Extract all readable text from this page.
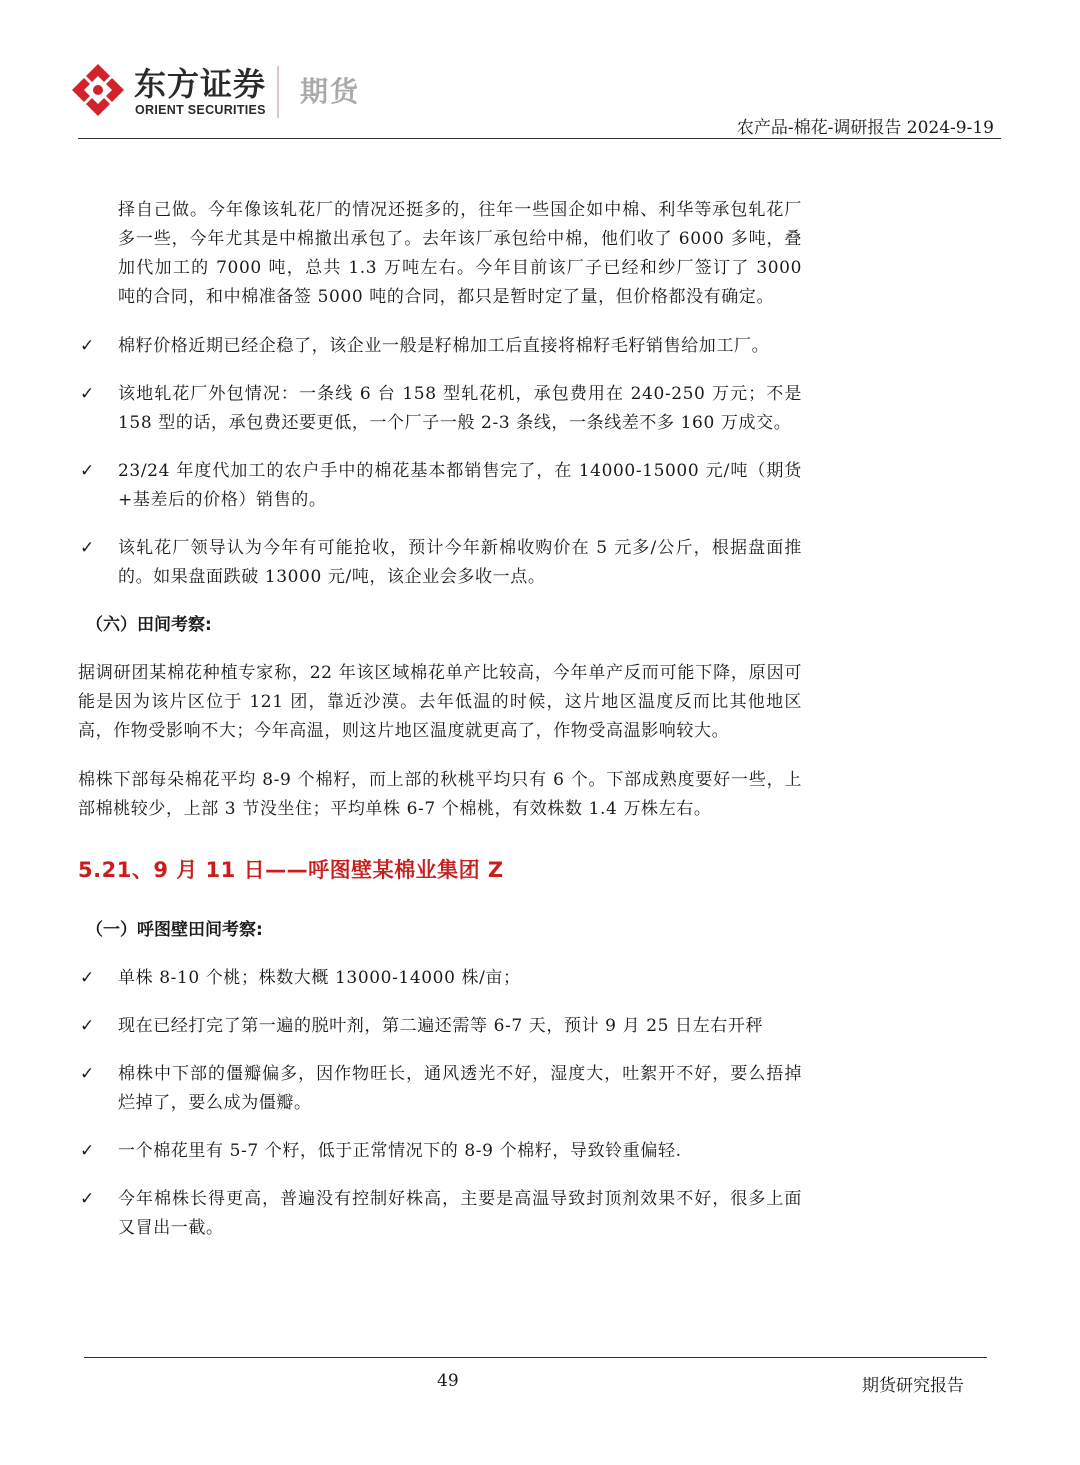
东方证券
ORIENT SECURITIES
期货
农产品-棉花-调研报告 2024-9-19

择自己做。今年像该轧花厂的情况还挺多的，往年一些国企如中棉、利华等承包轧花厂多一些，今年尤其是中棉撤出承包了。去年该厂承包给中棉，他们收了 6000 多吨，叠加代加工的 7000 吨，总共 1.3 万吨左右。今年目前该厂子已经和纱厂签订了 3000 吨的合同，和中棉准备签 5000 吨的合同，都只是暂时定了量，但价格都没有确定。

✓ 棉籽价格近期已经企稳了，该企业一般是籽棉加工后直接将棉籽毛籽销售给加工厂。
✓ 该地轧花厂外包情况：一条线 6 台 158 型轧花机，承包费用在 240-250 万元；不是 158 型的话，承包费还要更低，一个厂子一般 2-3 条线，一条线差不多 160 万成交。
✓ 23/24 年度代加工的农户手中的棉花基本都销售完了，在 14000-15000 元/吨（期货+基差后的价格）销售的。
✓ 该轧花厂领导认为今年有可能抢收，预计今年新棉收购价在 5 元多/公斤，根据盘面推的。如果盘面跌破 13000 元/吨，该企业会多收一点。

（六）田间考察:

据调研团某棉花种植专家称，22 年该区域棉花单产比较高，今年单产反而可能下降，原因可能是因为该片区位于 121 团，靠近沙漠。去年低温的时候，这片地区温度反而比其他地区高，作物受影响不大；今年高温，则这片地区温度就更高了，作物受高温影响较大。

棉株下部每朵棉花平均 8-9 个棉籽，而上部的秋桃平均只有 6 个。下部成熟度要好一些，上部棉桃较少，上部 3 节没坐住；平均单株 6-7 个棉桃，有效株数 1.4 万株左右。

5.21、9 月 11 日——呼图壁某棉业集团 Z

（一）呼图壁田间考察:

✓ 单株 8-10 个桃；株数大概 13000-14000 株/亩；
✓ 现在已经打完了第一遍的脱叶剂，第二遍还需等 6-7 天，预计 9 月 25 日左右开秤
✓ 棉株中下部的僵瓣偏多，因作物旺长，通风透光不好，湿度大，吐絮开不好，要么捂掉烂掉了，要么成为僵瓣。
✓ 一个棉花里有 5-7 个籽，低于正常情况下的 8-9 个棉籽，导致铃重偏轻.
✓ 今年棉株长得更高，普遍没有控制好株高，主要是高温导致封顶剂效果不好，很多上面又冒出一截。
49	期货研究报告
